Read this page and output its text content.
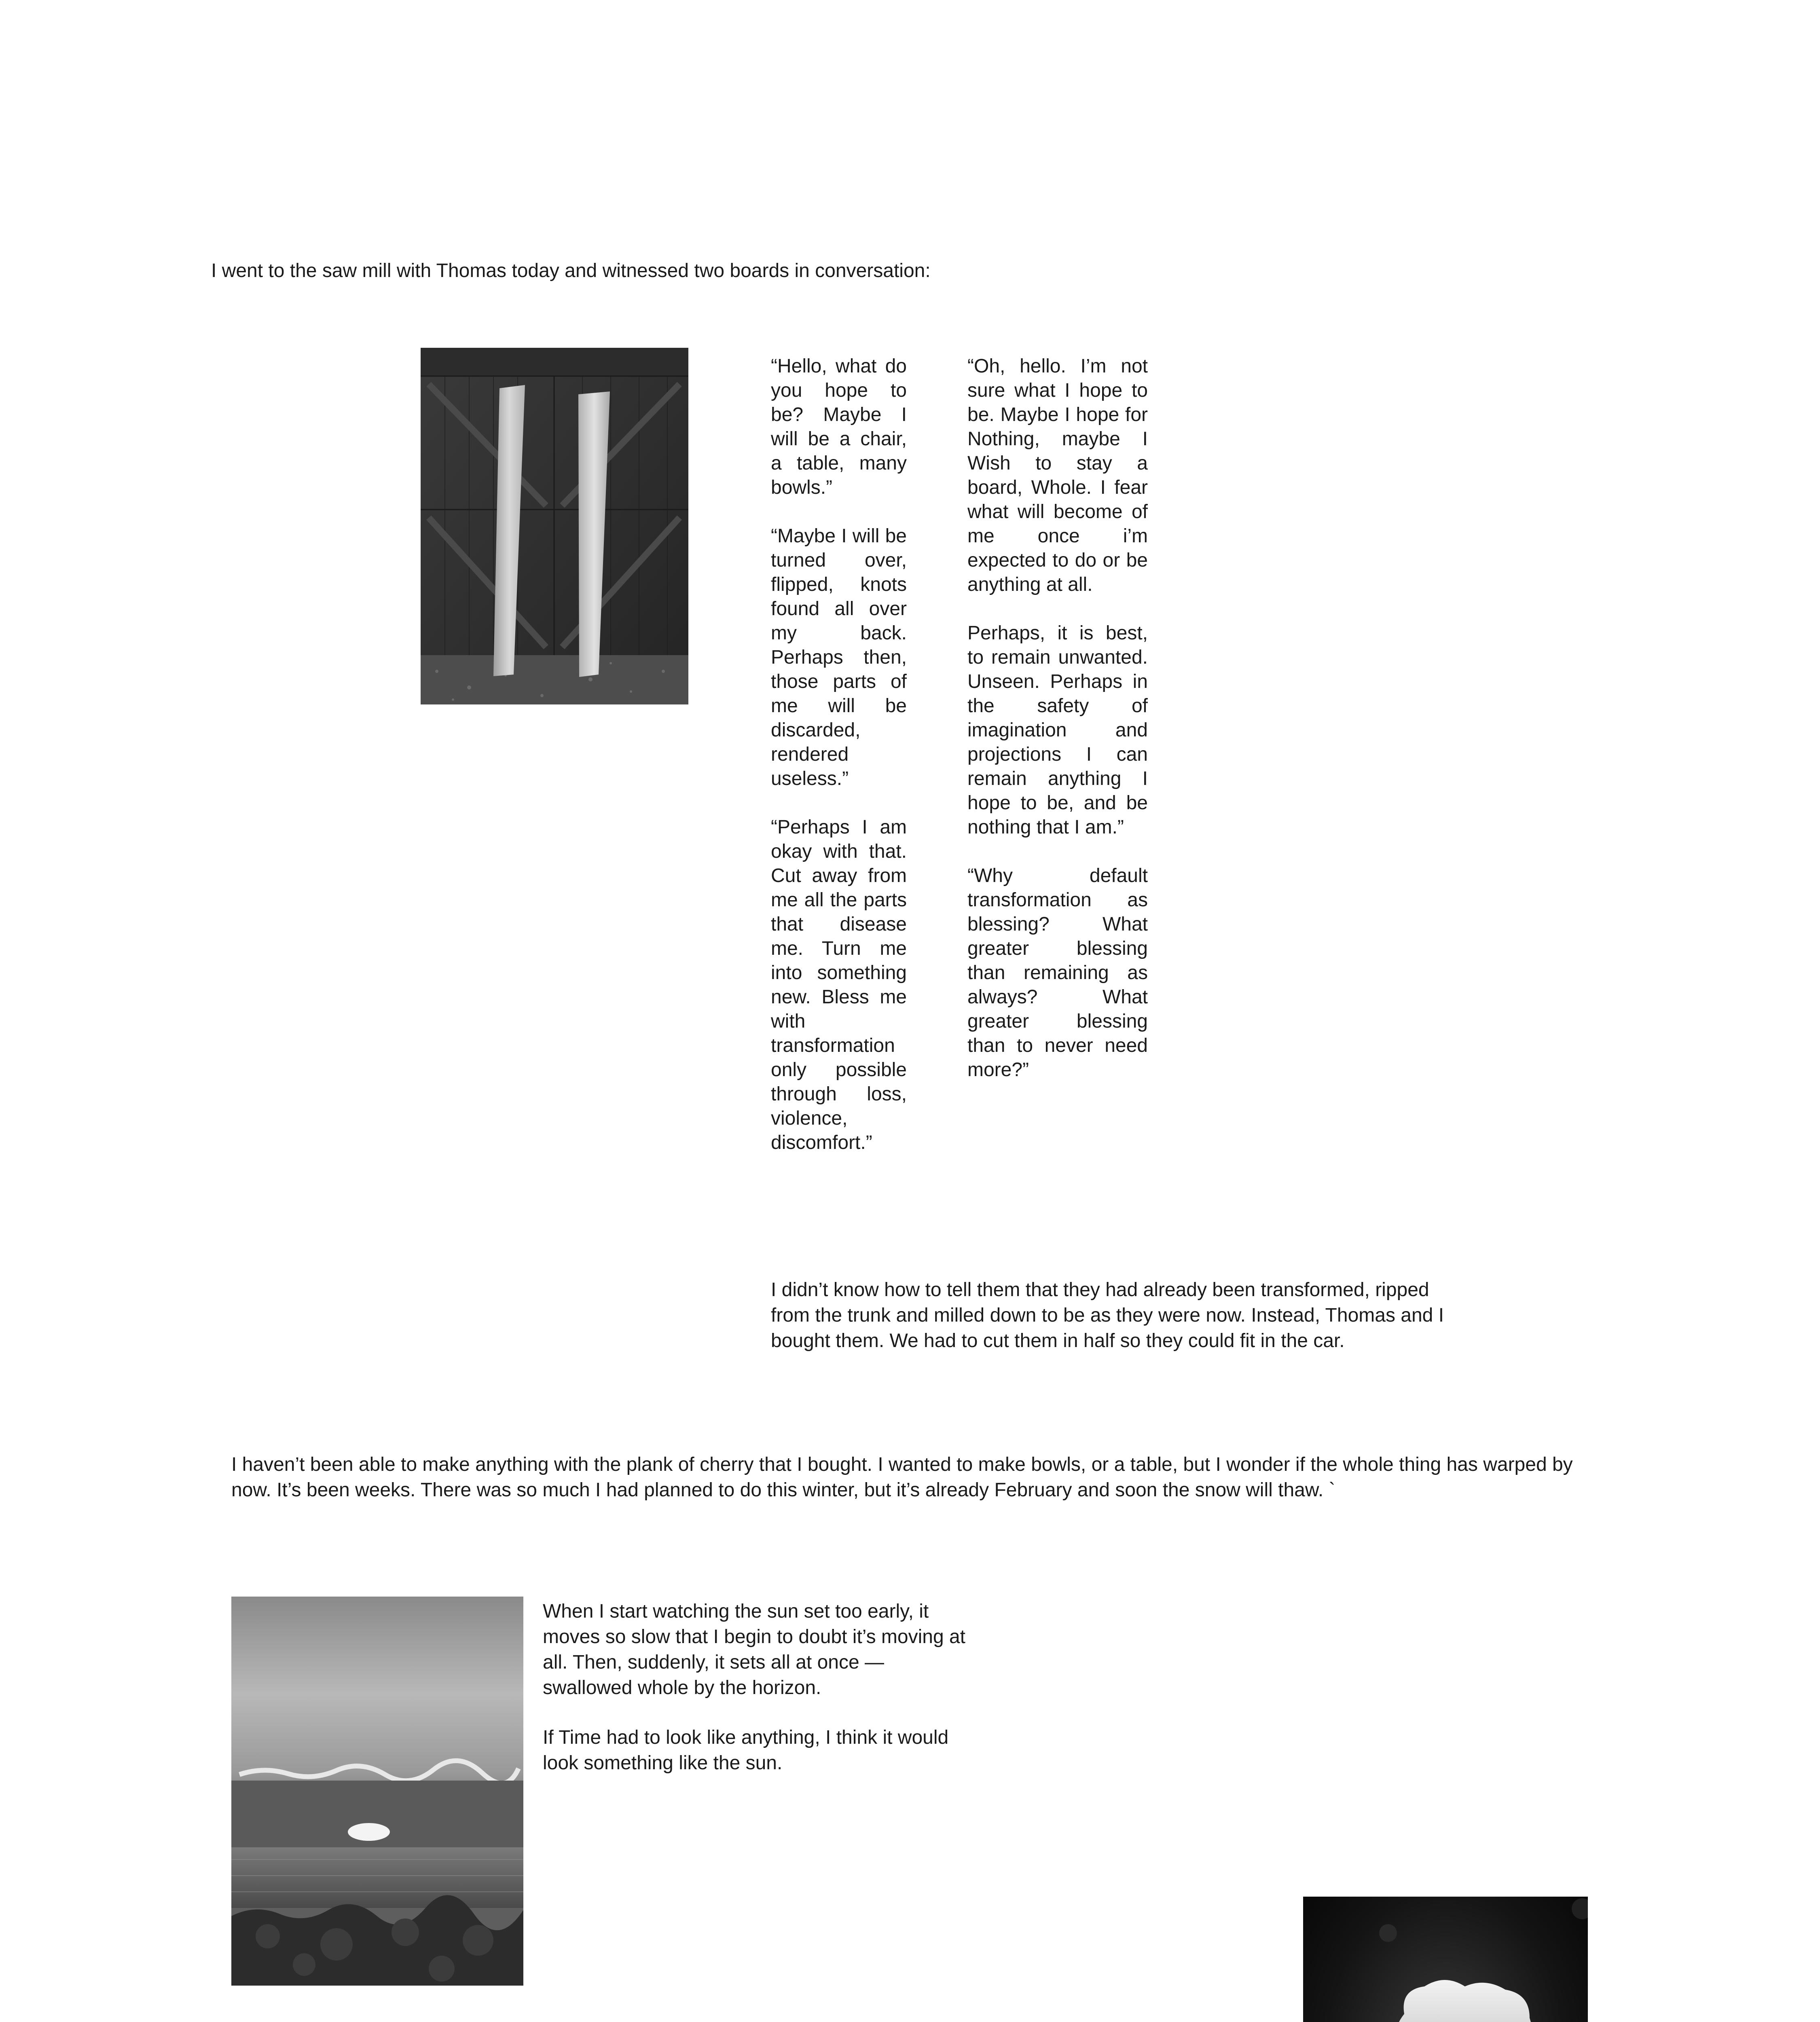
I went to the saw mill with Thomas today and witnessed two boards in conversation:

“Hello, what do you hope to be? Maybe I will be a chair, a table, many bowls.”

“Maybe I will be turned over, flipped, knots found all over my back. Perhaps then, those parts of me will be discarded, rendered useless.”

“Perhaps I am okay with that. Cut away from me all the parts that disease me. Turn me into something new. Bless me with transformation only possible through loss, violence, discomfort.”

“Oh, hello. I’m not sure what I hope to be. Maybe I hope for Nothing, maybe I Wish to stay a board, Whole. I fear what will become of me once i’m expected to do or be anything at all.

Perhaps, it is best, to remain unwanted. Unseen. Perhaps in the safety of imagination and projections I can remain anything I hope to be, and be nothing that I am.”

“Why default transformation as blessing? What greater blessing than remaining as always? What greater blessing than to never need more?”

I didn’t know how to tell them that they had already been transformed, ripped from the trunk and milled down to be as they were now. Instead, Thomas and I bought them. We had to cut them in half so they could fit in the car.

I haven’t been able to make anything with the plank of cherry that I bought. I wanted to make bowls, or a table, but I wonder if the whole thing has warped by now. It’s been weeks. There was so much I had planned to do this winter, but it’s already February and soon the snow will thaw. `

When I start watching the sun set too early, it moves so slow that I begin to doubt it’s moving at all. Then, suddenly, it sets all at once — swallowed whole by the horizon.

If Time had to look like anything, I think it would look something like the sun.
